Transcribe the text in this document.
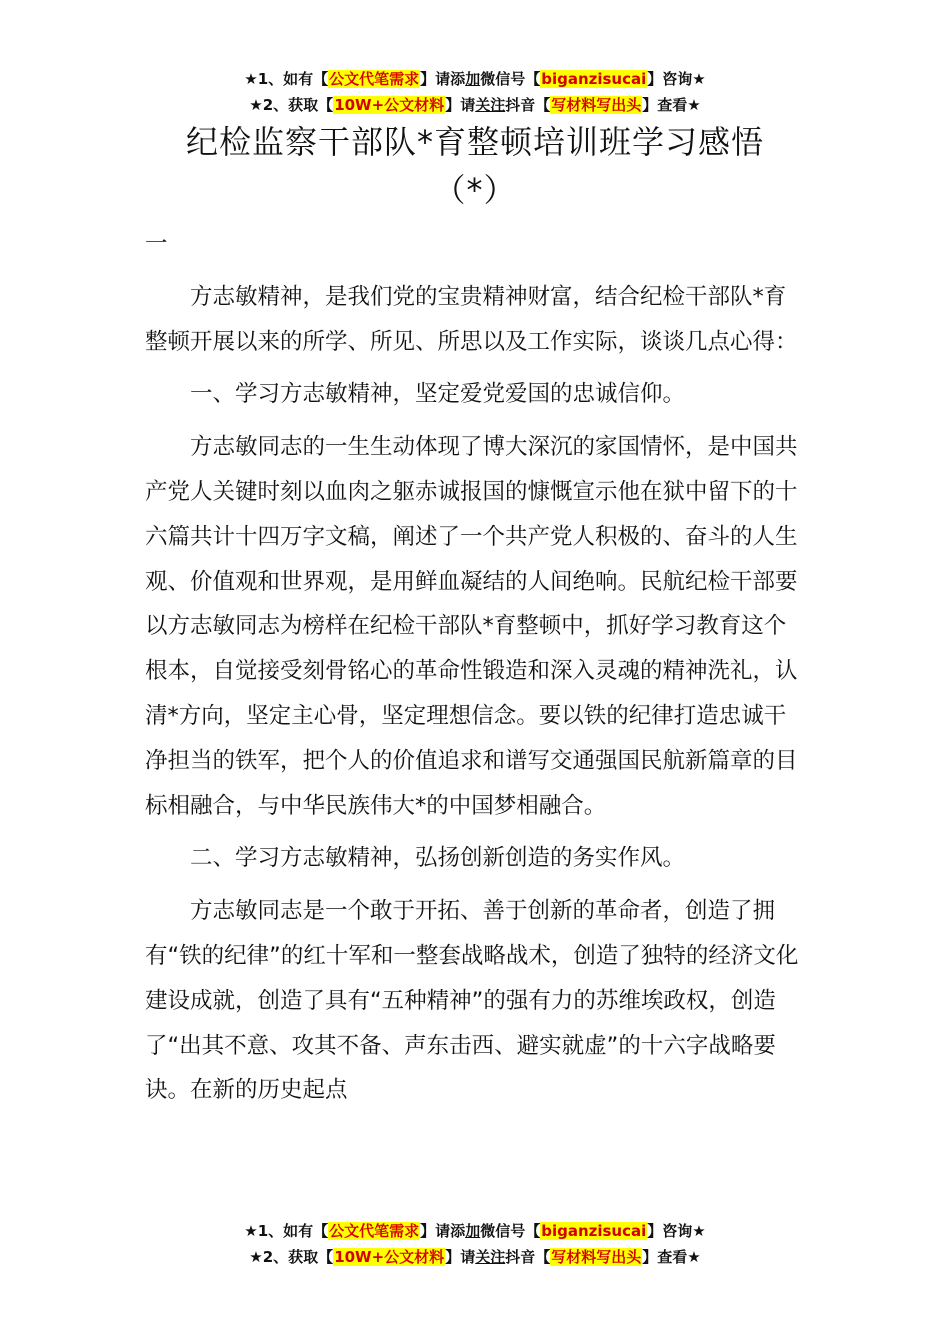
★1、如有【公文代笔需求】请添加微信号【biganzisucai】咨询★
★2、获取【10W+公文材料】请关注抖音【写材料写出头】查看★
纪检监察干部队*育整顿培训班学习感悟
（*）

一

方志敏精神，是我们党的宝贵精神财富，结合纪检干部队*育整顿开展以来的所学、所见、所思以及工作实际，谈谈几点心得：

一、学习方志敏精神，坚定爱党爱国的忠诚信仰。

方志敏同志的一生生动体现了博大深沉的家国情怀，是中国共产党人关键时刻以血肉之躯赤诚报国的慷慨宣示他在狱中留下的十六篇共计十四万字文稿，阐述了一个共产党人积极的、奋斗的人生观、价值观和世界观，是用鲜血凝结的人间绝响。民航纪检干部要以方志敏同志为榜样在纪检干部队*育整顿中，抓好学习教育这个根本，自觉接受刻骨铭心的革命性锻造和深入灵魂的精神洗礼，认清*方向，坚定主心骨，坚定理想信念。要以铁的纪律打造忠诚干净担当的铁军，把个人的价值追求和谱写交通强国民航新篇章的目标相融合，与中华民族伟大*的中国梦相融合。

二、学习方志敏精神，弘扬创新创造的务实作风。

方志敏同志是一个敢于开拓、善于创新的革命者，创造了拥有“铁的纪律”的红十军和一整套战略战术，创造了独特的经济文化建设成就，创造了具有“五种精神”的强有力的苏维埃政权，创造了“出其不意、攻其不备、声东击西、避实就虚”的十六字战略要诀。在新的历史起点

★1、如有【公文代笔需求】请添加微信号【biganzisucai】咨询★
★2、获取【10W+公文材料】请关注抖音【写材料写出头】查看★
